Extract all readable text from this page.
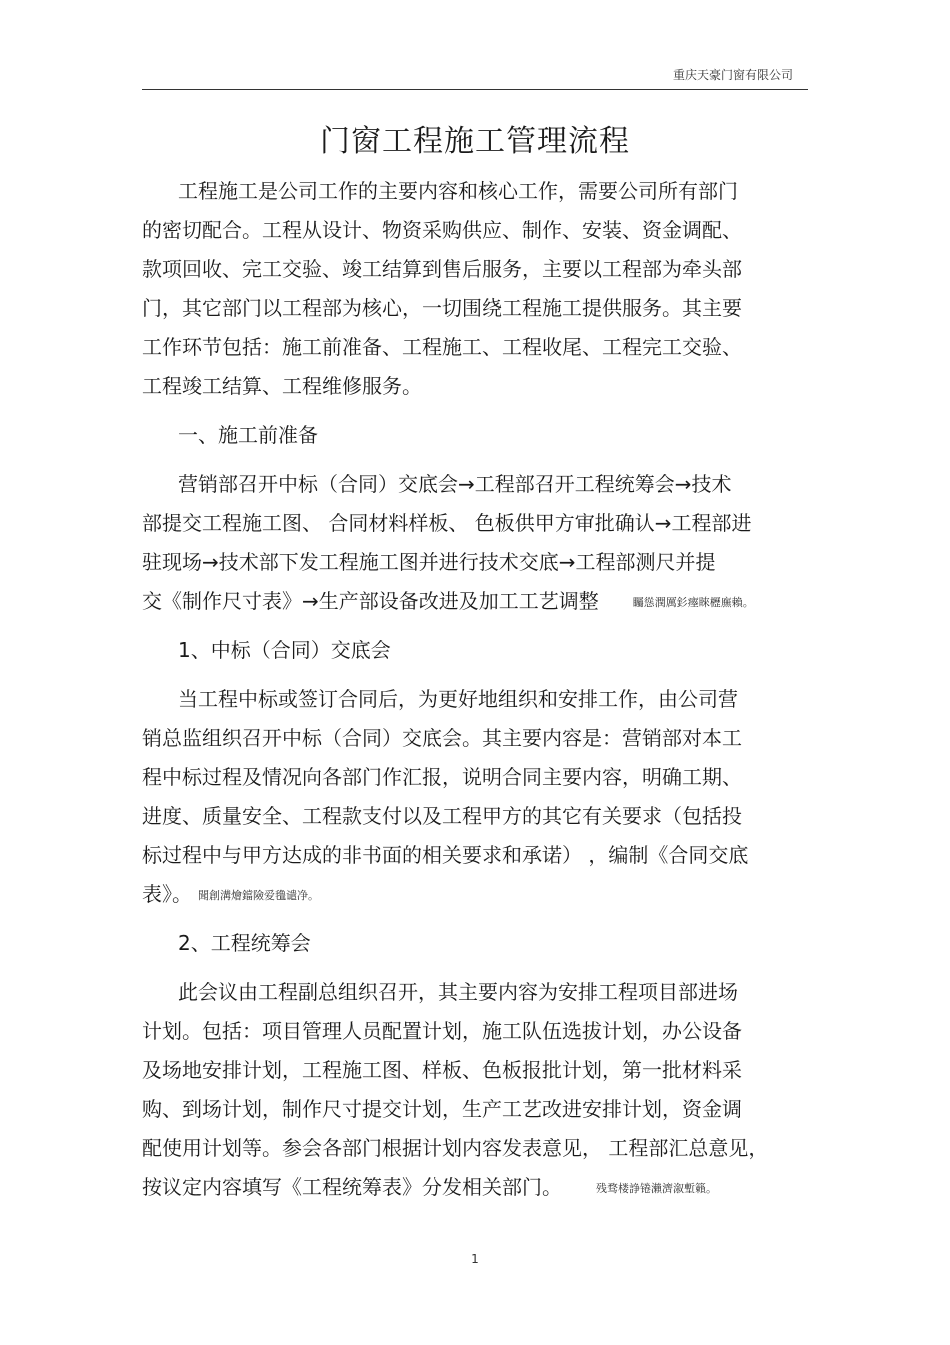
重庆天豪门窗有限公司
门窗工程施工管理流程
工程施工是公司工作的主要内容和核心工作，需要公司所有部门
的密切配合。工程从设计、物资采购供应、制作、安装、资金调配、
款项回收、完工交验、竣工结算到售后服务，主要以工程部为牵头部
门，其它部门以工程部为核心，一切围绕工程施工提供服务。其主要
工作环节包括：施工前准备、工程施工、工程收尾、工程完工交验、
工程竣工结算、工程维修服务。
一、施工前准备
营销部召开中标（合同）交底会→工程部召开工程统筹会→技术
部提交工程施工图、 合同材料样板、 色板供甲方审批确认→工程部进
驻现场→技术部下发工程施工图并进行技术交底→工程部测尺并提
交《制作尺寸表》→生产部设备改进及加工工艺调整	矚慫潤厲釤瘞睞櫪廡賴。
1、中标（合同）交底会
当工程中标或签订合同后，为更好地组织和安排工作，由公司营
销总监组织召开中标（合同）交底会。其主要内容是：营销部对本工
程中标过程及情况向各部门作汇报，说明合同主要内容，明确工期、
进度、质量安全、工程款支付以及工程甲方的其它有关要求（包括投
标过程中与甲方达成的非书面的相关要求和承诺） ，编制《合同交底
表》。 聞創溝燴鐺險爱氇谴净。
2、工程统筹会
此会议由工程副总组织召开，其主要内容为安排工程项目部进场
计划。包括：项目管理人员配置计划，施工队伍选拔计划，办公设备
及场地安排计划，工程施工图、样板、色板报批计划，第一批材料采
购、到场计划，制作尺寸提交计划，生产工艺改进安排计划，资金调
配使用计划等。参会各部门根据计划内容发表意见， 工程部汇总意见，
按议定内容填写《工程统筹表》分发相关部门。	残骛楼諍锩瀨濟溆塹籟。
1
